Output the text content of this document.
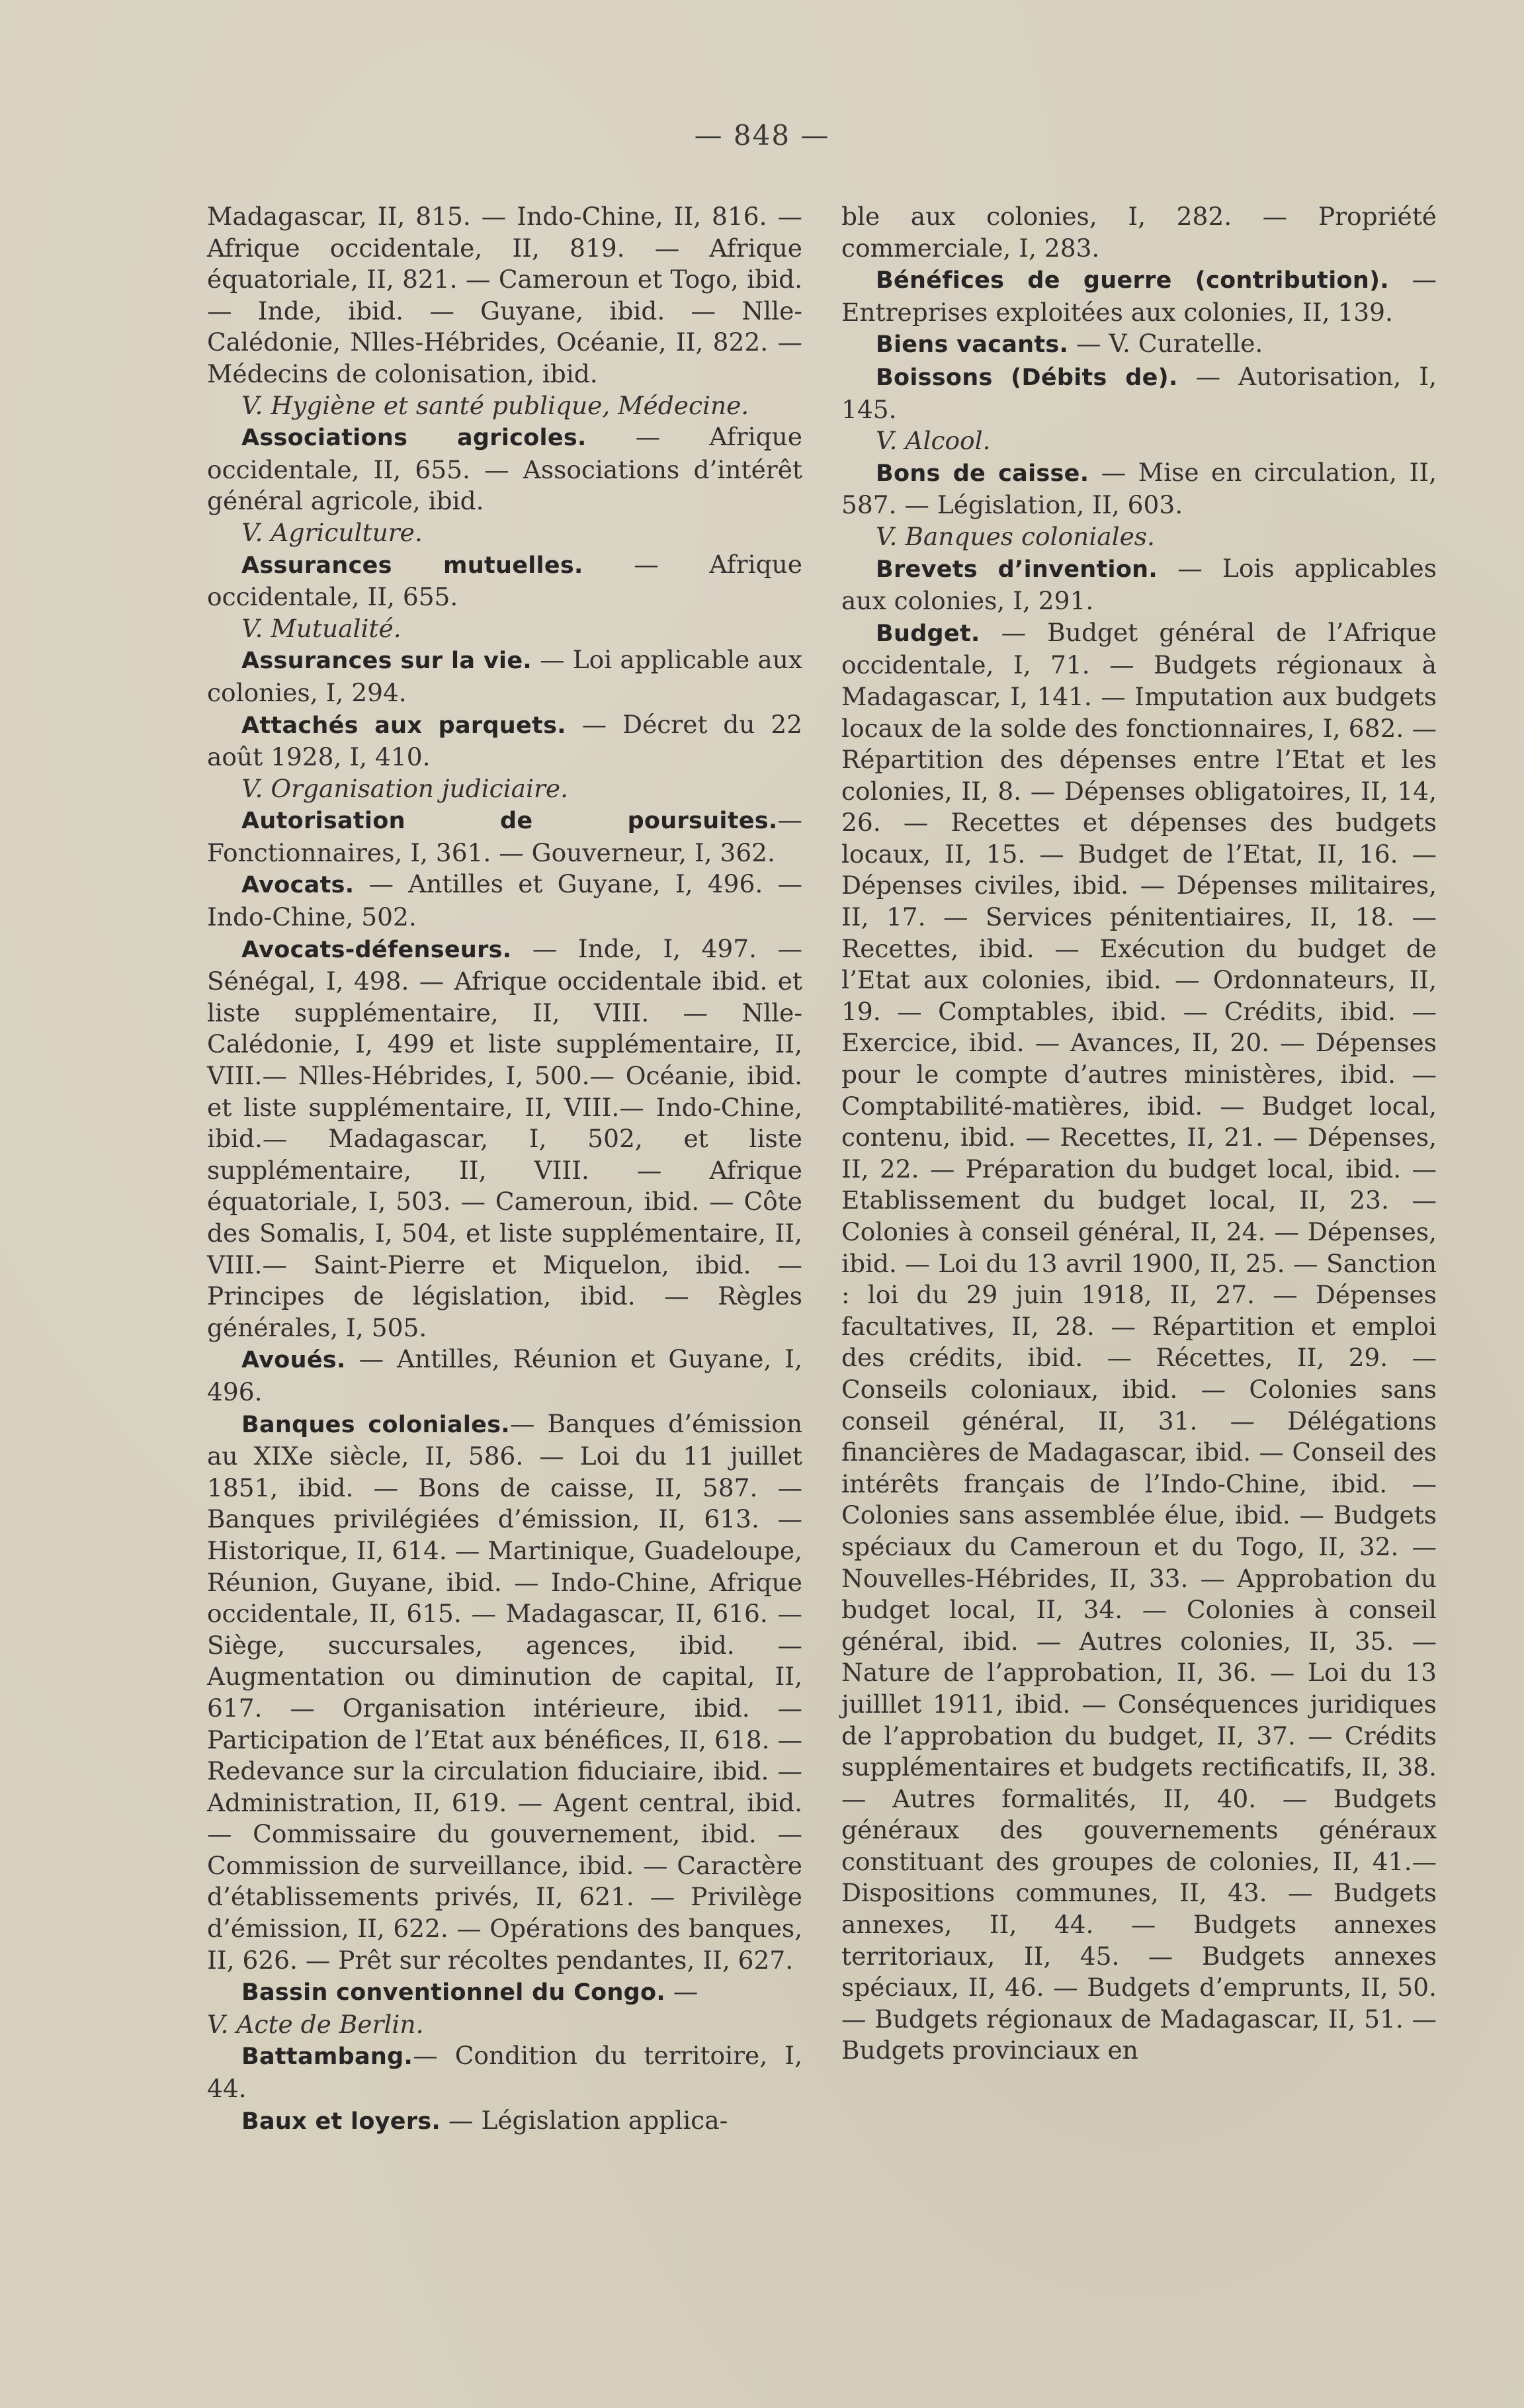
— 848 —

Madagascar, II, 815. — Indo-Chine, II, 816. — Afrique occidentale, II, 819. — Afrique équatoriale, II, 821. — Cameroun et Togo, ibid. — Inde, ibid. — Guyane, ibid. — Nlle-Calédonie, Nlles-Hébrides, Océanie, II, 822. — Médecins de colonisation, ibid.

V. Hygiène et santé publique, Médecine.

Associations agricoles. — Afrique occidentale, II, 655. — Associations d’intérêt général agricole, ibid.

V. Agriculture.

Assurances mutuelles. — Afrique occidentale, II, 655.

V. Mutualité.

Assurances sur la vie. — Loi applicable aux colonies, I, 294.

Attachés aux parquets. — Décret du 22 août 1928, I, 410.

V. Organisation judiciaire.

Autorisation de poursuites.— Fonctionnaires, I, 361. — Gouverneur, I, 362.

Avocats. — Antilles et Guyane, I, 496. — Indo-Chine, 502.

Avocats-défenseurs. — Inde, I, 497. — Sénégal, I, 498. — Afrique occidentale ibid. et liste supplémentaire, II, VIII. — Nlle-Calédonie, I, 499 et liste supplémentaire, II, VIII.— Nlles-Hébrides, I, 500.— Océanie, ibid. et liste supplémentaire, II, VIII.— Indo-Chine, ibid.— Madagascar, I, 502, et liste supplémentaire, II, VIII. — Afrique équatoriale, I, 503. — Cameroun, ibid. — Côte des Somalis, I, 504, et liste supplémentaire, II, VIII.— Saint-Pierre et Miquelon, ibid. — Principes de législation, ibid. — Règles générales, I, 505.

Avoués. — Antilles, Réunion et Guyane, I, 496.

Banques coloniales.— Banques d’émission au XIXe siècle, II, 586. — Loi du 11 juillet 1851, ibid. — Bons de caisse, II, 587. — Banques privilégiées d’émission, II, 613. — Historique, II, 614. — Martinique, Guadeloupe, Réunion, Guyane, ibid. — Indo-Chine, Afrique occidentale, II, 615. — Madagascar, II, 616. — Siège, succursales, agences, ibid. — Augmentation ou diminution de capital, II, 617. — Organisation intérieure, ibid. — Participation de l’Etat aux bénéfices, II, 618. — Redevance sur la circulation fiduciaire, ibid. — Administration, II, 619. — Agent central, ibid. — Commissaire du gouvernement, ibid. — Commission de surveillance, ibid. — Caractère d’établissements privés, II, 621. — Privilège d’émission, II, 622. — Opérations des banques, II, 626. — Prêt sur récoltes pendantes, II, 627.

Bassin conventionnel du Congo. —

V. Acte de Berlin.

Battambang.— Condition du territoire, I, 44.

Baux et loyers. — Législation applica-

ble aux colonies, I, 282. — Propriété commerciale, I, 283.

Bénéfices de guerre (contribution). — Entreprises exploitées aux colonies, II, 139.

Biens vacants. — V. Curatelle.

Boissons (Débits de). — Autorisation, I, 145.

V. Alcool.

Bons de caisse. — Mise en circulation, II, 587. — Législation, II, 603.

V. Banques coloniales.

Brevets d’invention. — Lois applicables aux colonies, I, 291.

Budget. — Budget général de l’Afrique occidentale, I, 71. — Budgets régionaux à Madagascar, I, 141. — Imputation aux budgets locaux de la solde des fonctionnaires, I, 682. — Répartition des dépenses entre l’Etat et les colonies, II, 8. — Dépenses obligatoires, II, 14, 26. — Recettes et dépenses des budgets locaux, II, 15. — Budget de l’Etat, II, 16. — Dépenses civiles, ibid. — Dépenses militaires, II, 17. — Services pénitentiaires, II, 18. — Recettes, ibid. — Exécution du budget de l’Etat aux colonies, ibid. — Ordonnateurs, II, 19. — Comptables, ibid. — Crédits, ibid. — Exercice, ibid. — Avances, II, 20. — Dépenses pour le compte d’autres ministères, ibid. — Comptabilité-matières, ibid. — Budget local, contenu, ibid. — Recettes, II, 21. — Dépenses, II, 22. — Préparation du budget local, ibid. — Etablissement du budget local, II, 23. — Colonies à conseil général, II, 24. — Dépenses, ibid. — Loi du 13 avril 1900, II, 25. — Sanction : loi du 29 juin 1918, II, 27. — Dépenses facultatives, II, 28. — Répartition et emploi des crédits, ibid. — Récettes, II, 29. — Conseils coloniaux, ibid. — Colonies sans conseil général, II, 31. — Délégations financières de Madagascar, ibid. — Conseil des intérêts français de l’Indo-Chine, ibid. — Colonies sans assemblée élue, ibid. — Budgets spéciaux du Cameroun et du Togo, II, 32. — Nouvelles-Hébrides, II, 33. — Approbation du budget local, II, 34. — Colonies à conseil général, ibid. — Autres colonies, II, 35. — Nature de l’approbation, II, 36. — Loi du 13 juilllet 1911, ibid. — Conséquences juridiques de l’approbation du budget, II, 37. — Crédits supplémentaires et budgets rectificatifs, II, 38. — Autres formalités, II, 40. — Budgets généraux des gouvernements généraux constituant des groupes de colonies, II, 41.— Dispositions communes, II, 43. — Budgets annexes, II, 44. — Budgets annexes territoriaux, II, 45. — Budgets annexes spéciaux, II, 46. — Budgets d’emprunts, II, 50. — Budgets régionaux de Madagascar, II, 51. — Budgets provinciaux en
